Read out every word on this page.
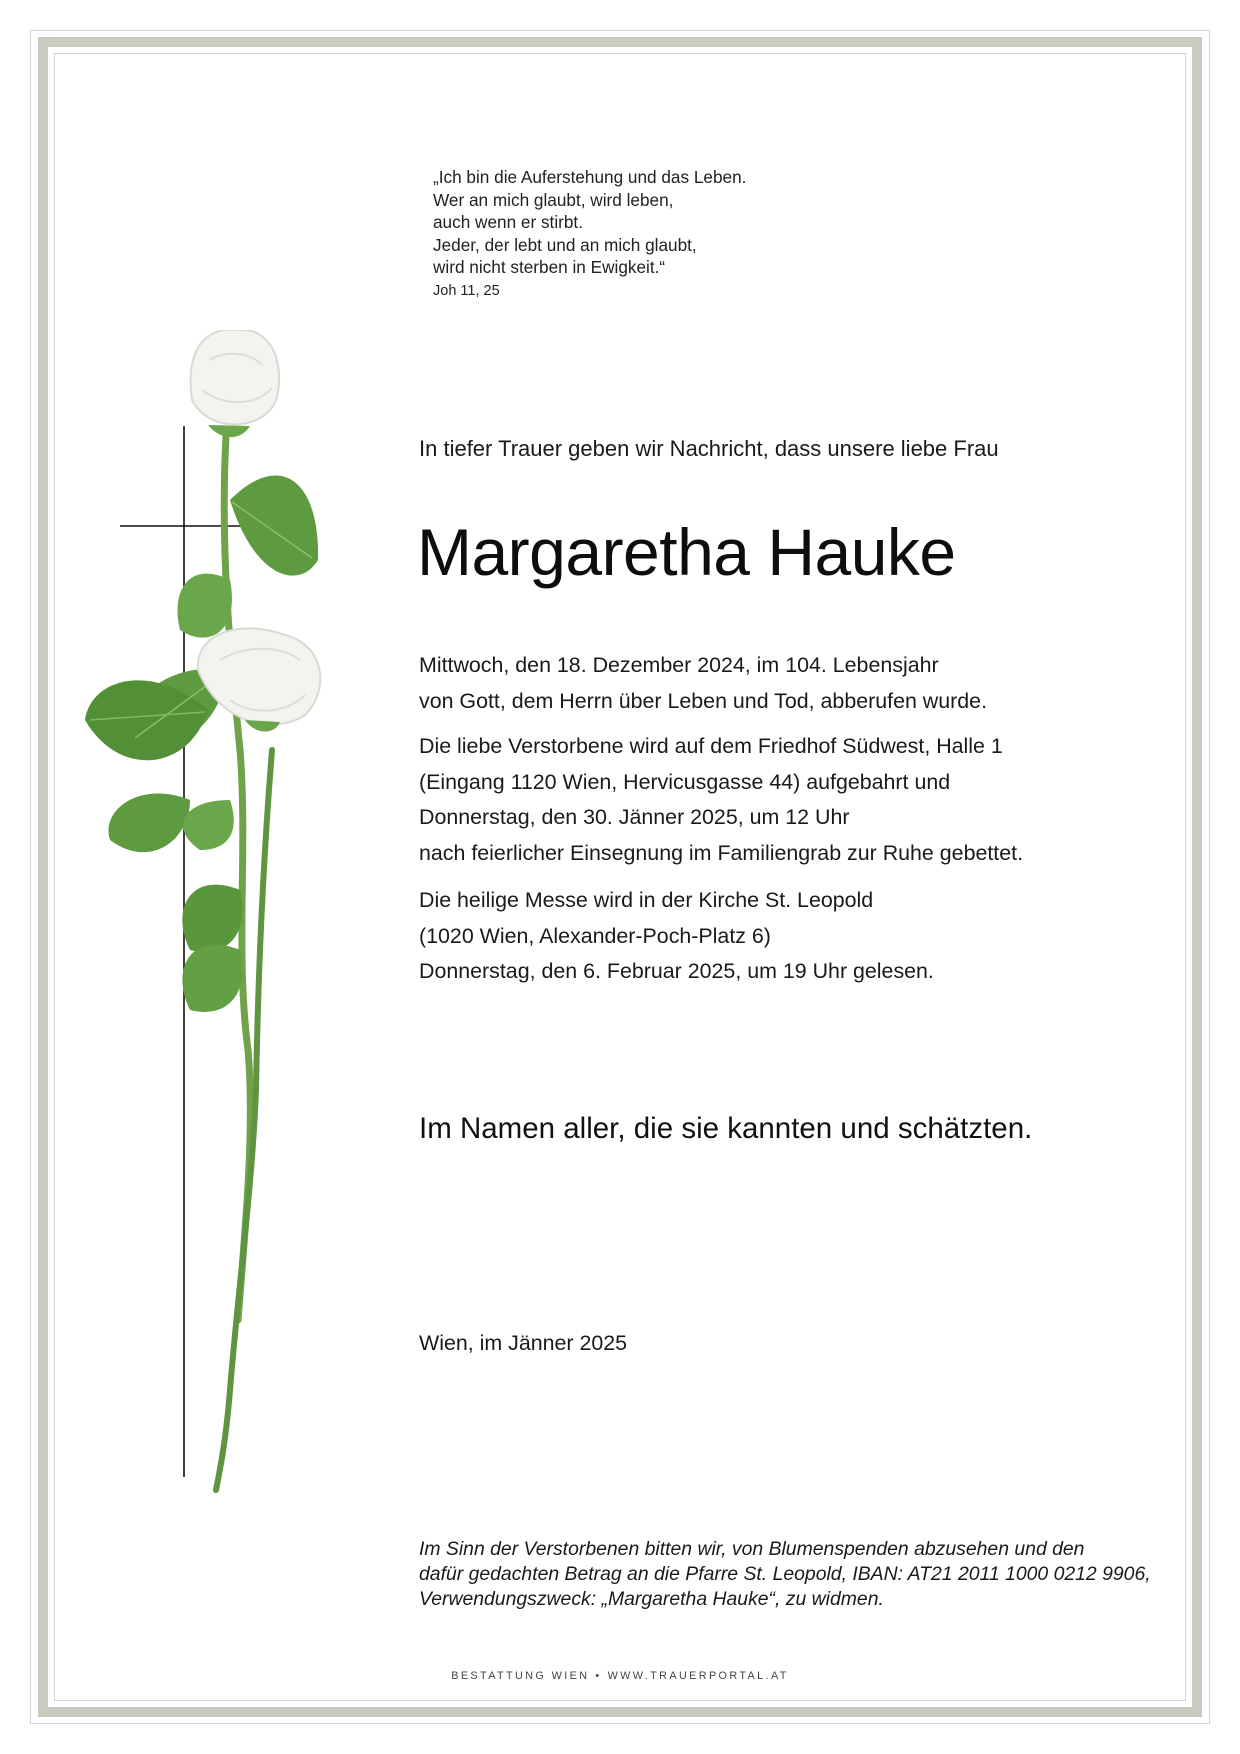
„Ich bin die Auferstehung und das Leben.
Wer an mich glaubt, wird leben,
auch wenn er stirbt.
Jeder, der lebt und an mich glaubt,
wird nicht sterben in Ewigkeit.“
Joh 11, 25
In tiefer Trauer geben wir Nachricht, dass unsere liebe Frau
Margaretha Hauke
Mittwoch, den 18. Dezember 2024, im 104. Lebensjahr
von Gott, dem Herrn über Leben und Tod, abberufen wurde.
Die liebe Verstorbene wird auf dem Friedhof Südwest, Halle 1
(Eingang 1120 Wien, Hervicusgasse 44) aufgebahrt und
Donnerstag, den 30. Jänner 2025, um 12 Uhr
nach feierlicher Einsegnung im Familiengrab zur Ruhe gebettet.
Die heilige Messe wird in der Kirche St. Leopold
(1020 Wien, Alexander-Poch-Platz 6)
Donnerstag, den 6. Februar 2025, um 19 Uhr gelesen.
Im Namen aller, die sie kannten und schätzten.
Wien, im Jänner 2025
Im Sinn der Verstorbenen bitten wir, von Blumenspenden abzusehen und den
dafür gedachten Betrag an die Pfarre St. Leopold, IBAN: AT21 2011 1000 0212 9906,
Verwendungszweck: „Margaretha Hauke“, zu widmen.
BESTATTUNG WIEN • WWW.TRAUERPORTAL.AT
